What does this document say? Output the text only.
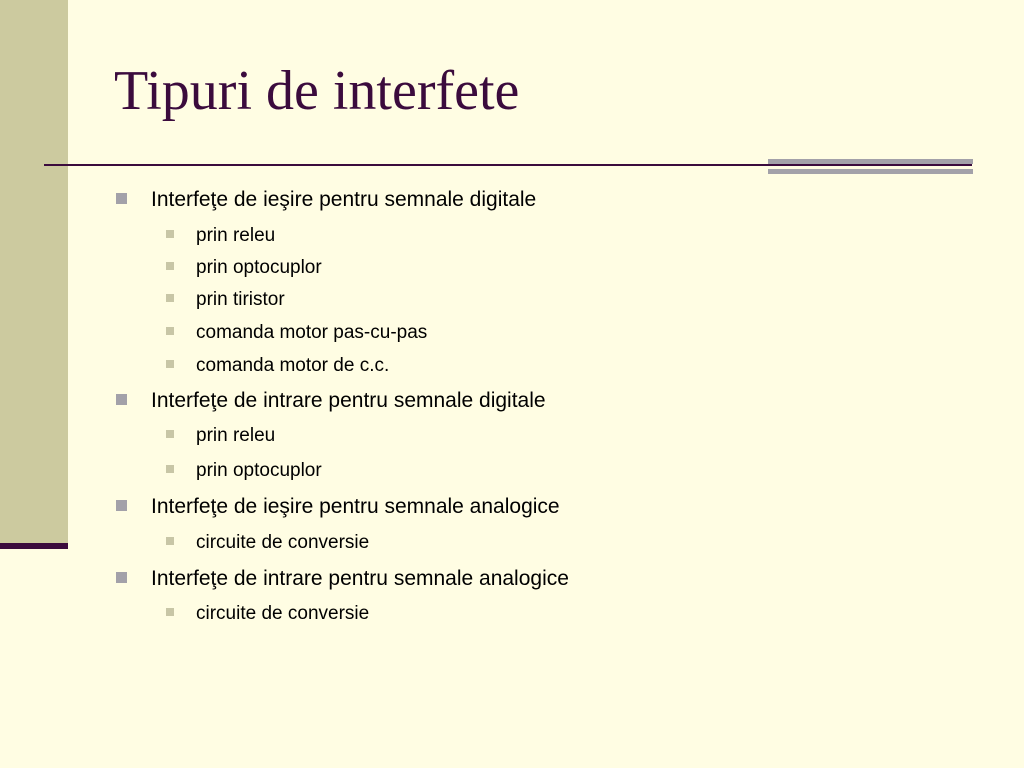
Tipuri de interfete
Interfeţe de ieşire pentru semnale digitale
prin releu
prin optocuplor
prin tiristor
comanda motor pas-cu-pas
comanda motor de c.c.
Interfeţe de intrare pentru semnale digitale
prin releu
prin optocuplor
Interfeţe de ieşire pentru semnale analogice
circuite de conversie
Interfeţe de intrare pentru semnale analogice
circuite de conversie
